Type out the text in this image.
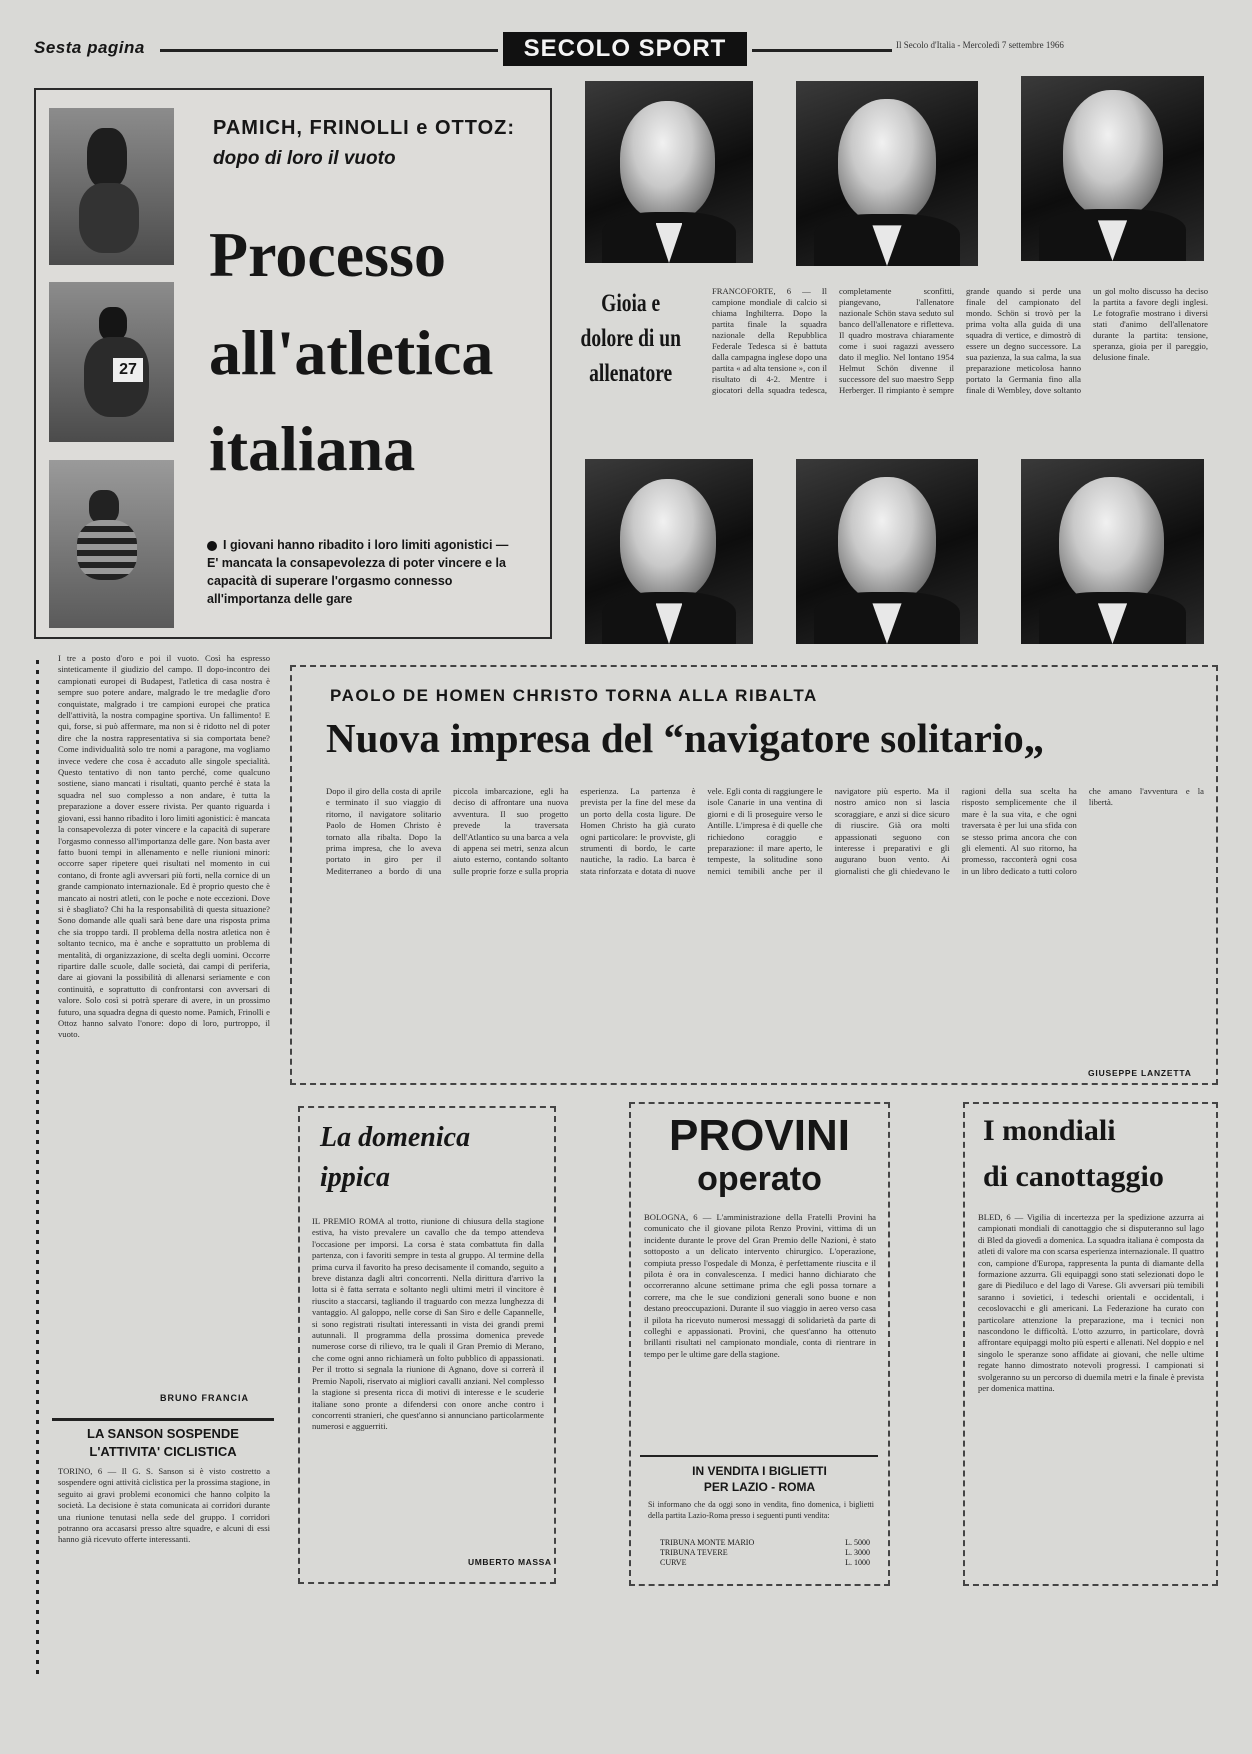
Sesta pagina	SECOLO SPORT	Il Secolo d'Italia - Mercoledì 7 settembre 1966
27
PAMICH, FRINOLLI e OTTOZ:
dopo di loro il vuoto
Processo
all'atletica
italiana
I giovani hanno ribadito i loro limiti agonistici — E' mancata la consapevolezza di poter vincere e la capacità di superare l'orgasmo connesso all'importanza delle gare
I tre a posto d'oro e poi il vuoto. Così ha espresso sinteticamente il giudizio del campo. Il dopo-incontro dei campionati europei di Budapest, l'atletica di casa nostra è sempre suo potere andare, malgrado le tre medaglie d'oro conquistate, malgrado i tre campioni europei che pratica dell'attività, la nostra compagine sportiva. Un fallimento! E qui, forse, si può affermare, ma non si è ridotto nel di poter dire che la nostra rappresentativa si sia comportata bene? Come individualità solo tre nomi a paragone, ma vogliamo invece vedere che cosa è accaduto alle singole specialità. Questo tentativo di non tanto perché, come qualcuno sostiene, siano mancati i risultati, quanto perché è stata la squadra nel suo complesso a non andare, è tutta la preparazione a dover essere rivista. Per quanto riguarda i giovani, essi hanno ribadito i loro limiti agonistici: è mancata la consapevolezza di poter vincere e la capacità di superare l'orgasmo connesso all'importanza delle gare. Non basta aver fatto buoni tempi in allenamento e nelle riunioni minori: occorre saper ripetere quei risultati nel momento in cui contano, di fronte agli avversari più forti, nella cornice di un grande campionato internazionale. Ed è proprio questo che è mancato ai nostri atleti, con le poche e note eccezioni. Dove si è sbagliato? Chi ha la responsabilità di questa situazione? Sono domande alle quali sarà bene dare una risposta prima che sia troppo tardi. Il problema della nostra atletica non è soltanto tecnico, ma è anche e soprattutto un problema di mentalità, di organizzazione, di scelta degli uomini. Occorre ripartire dalle scuole, dalle società, dai campi di periferia, dare ai giovani la possibilità di allenarsi seriamente e con continuità, e soprattutto di confrontarsi con avversari di valore. Solo così si potrà sperare di avere, in un prossimo futuro, una squadra degna di questo nome. Pamich, Frinolli e Ottoz hanno salvato l'onore: dopo di loro, purtroppo, il vuoto.
BRUNO FRANCIA
LA SANSON SOSPENDE
L'ATTIVITA' CICLISTICA
TORINO, 6 — Il G. S. Sanson si è visto costretto a sospendere ogni attività ciclistica per la prossima stagione, in seguito ai gravi problemi economici che hanno colpito la società. La decisione è stata comunicata ai corridori durante una riunione tenutasi nella sede del gruppo. I corridori potranno ora accasarsi presso altre squadre, e alcuni di essi hanno già ricevuto offerte interessanti.
Gioia e dolore di un allenatore
FRANCOFORTE, 6 — Il campione mondiale di calcio si chiama Inghilterra. Dopo la partita finale la squadra nazionale della Repubblica Federale Tedesca si è battuta dalla campagna inglese dopo una partita « ad alta tensione », con il risultato di 4-2. Mentre i giocatori della squadra tedesca, completamente sconfitti, piangevano, l'allenatore nazionale Schön stava seduto sul banco dell'allenatore e rifletteva. Il quadro mostrava chiaramente come i suoi ragazzi avessero dato il meglio. Nel lontano 1954 Helmut Schön divenne il successore del suo maestro Sepp Herberger. Il rimpianto è sempre grande quando si perde una finale del campionato del mondo. Schön si trovò per la prima volta alla guida di una squadra di vertice, e dimostrò di essere un degno successore. La sua pazienza, la sua calma, la sua preparazione meticolosa hanno portato la Germania fino alla finale di Wembley, dove soltanto un gol molto discusso ha deciso la partita a favore degli inglesi. Le fotografie mostrano i diversi stati d'animo dell'allenatore durante la partita: tensione, speranza, gioia per il pareggio, delusione finale.
PAOLO DE HOMEN CHRISTO TORNA ALLA RIBALTA
Nuova impresa del “navigatore solitario„
Dopo il giro della costa di aprile e terminato il suo viaggio di ritorno, il navigatore solitario Paolo de Homen Christo è tornato alla ribalta. Dopo la prima impresa, che lo aveva portato in giro per il Mediterraneo a bordo di una piccola imbarcazione, egli ha deciso di affrontare una nuova avventura. Il suo progetto prevede la traversata dell'Atlantico su una barca a vela di appena sei metri, senza alcun aiuto esterno, contando soltanto sulle proprie forze e sulla propria esperienza. La partenza è prevista per la fine del mese da un porto della costa ligure. De Homen Christo ha già curato ogni particolare: le provviste, gli strumenti di bordo, le carte nautiche, la radio. La barca è stata rinforzata e dotata di nuove vele. Egli conta di raggiungere le isole Canarie in una ventina di giorni e di lì proseguire verso le Antille. L'impresa è di quelle che richiedono coraggio e preparazione: il mare aperto, le tempeste, la solitudine sono nemici temibili anche per il navigatore più esperto. Ma il nostro amico non si lascia scoraggiare, e anzi si dice sicuro di riuscire. Già ora molti appassionati seguono con interesse i preparativi e gli augurano buon vento. Ai giornalisti che gli chiedevano le ragioni della sua scelta ha risposto semplicemente che il mare è la sua vita, e che ogni traversata è per lui una sfida con se stesso prima ancora che con gli elementi. Al suo ritorno, ha promesso, racconterà ogni cosa in un libro dedicato a tutti coloro che amano l'avventura e la libertà.
GIUSEPPE LANZETTA
La domenica
ippica
IL PREMIO ROMA al trotto, riunione di chiusura della stagione estiva, ha visto prevalere un cavallo che da tempo attendeva l'occasione per imporsi. La corsa è stata combattuta fin dalla partenza, con i favoriti sempre in testa al gruppo. Al termine della prima curva il favorito ha preso decisamente il comando, seguito a breve distanza dagli altri concorrenti. Nella dirittura d'arrivo la lotta si è fatta serrata e soltanto negli ultimi metri il vincitore è riuscito a staccarsi, tagliando il traguardo con mezza lunghezza di vantaggio. Al galoppo, nelle corse di San Siro e delle Capannelle, si sono registrati risultati interessanti in vista dei grandi premi autunnali. Il programma della prossima domenica prevede numerose corse di rilievo, tra le quali il Gran Premio di Merano, che come ogni anno richiamerà un folto pubblico di appassionati. Per il trotto si segnala la riunione di Agnano, dove si correrà il Premio Napoli, riservato ai migliori cavalli anziani. Nel complesso la stagione si presenta ricca di motivi di interesse e le scuderie italiane sono pronte a difendersi con onore anche contro i concorrenti stranieri, che quest'anno si annunciano particolarmente numerosi e agguerriti.
UMBERTO MASSA
PROVINI
operato
BOLOGNA, 6 — L'amministrazione della Fratelli Provini ha comunicato che il giovane pilota Renzo Provini, vittima di un incidente durante le prove del Gran Premio delle Nazioni, è stato sottoposto a un delicato intervento chirurgico. L'operazione, compiuta presso l'ospedale di Monza, è perfettamente riuscita e il pilota è ora in convalescenza. I medici hanno dichiarato che occorreranno alcune settimane prima che egli possa tornare a correre, ma che le sue condizioni generali sono buone e non destano preoccupazioni. Durante il suo viaggio in aereo verso casa il pilota ha ricevuto numerosi messaggi di solidarietà da parte di colleghi e appassionati. Provini, che quest'anno ha ottenuto brillanti risultati nel campionato mondiale, conta di rientrare in tempo per le ultime gare della stagione.
IN VENDITA I BIGLIETTI
PER LAZIO - ROMA
Si informano che da oggi sono in vendita, fino domenica, i biglietti della partita Lazio-Roma presso i seguenti punti vendita:
TRIBUNA MONTE MARIO	L. 5000
TRIBUNA TEVERE	L. 3000
CURVE	L. 1000
I mondiali
di canottaggio
BLED, 6 — Vigilia di incertezza per la spedizione azzurra ai campionati mondiali di canottaggio che si disputeranno sul lago di Bled da giovedì a domenica. La squadra italiana è composta da atleti di valore ma con scarsa esperienza internazionale. Il quattro con, campione d'Europa, rappresenta la punta di diamante della formazione azzurra. Gli equipaggi sono stati selezionati dopo le gare di Piediluco e del lago di Varese. Gli avversari più temibili saranno i sovietici, i tedeschi orientali e occidentali, i cecoslovacchi e gli americani. La Federazione ha curato con particolare attenzione la preparazione, ma i tecnici non nascondono le difficoltà. L'otto azzurro, in particolare, dovrà affrontare equipaggi molto più esperti e allenati. Nel doppio e nel singolo le speranze sono affidate ai giovani, che nelle ultime regate hanno dimostrato notevoli progressi. I campionati si svolgeranno su un percorso di duemila metri e la finale è prevista per domenica mattina.
